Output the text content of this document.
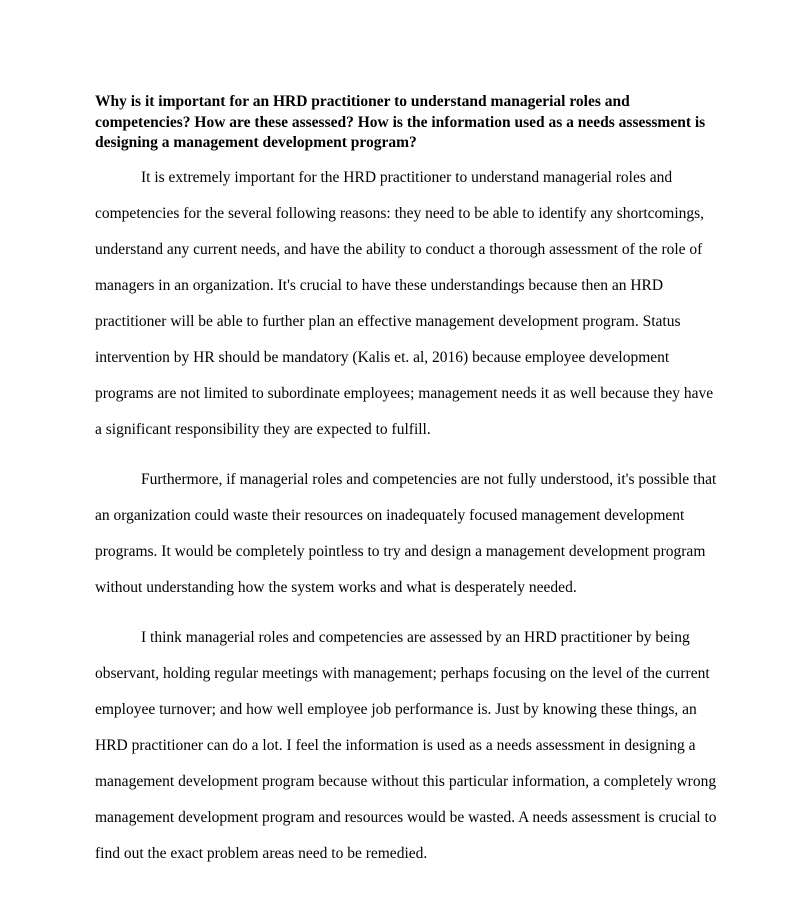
Why is it important for an HRD practitioner to understand managerial roles and competencies? How are these assessed? How is the information used as a needs assessment is designing a management development program?

It is extremely important for the HRD practitioner to understand managerial roles and competencies for the several following reasons: they need to be able to identify any shortcomings, understand any current needs, and have the ability to conduct a thorough assessment of the role of managers in an organization. It's crucial to have these understandings because then an HRD practitioner will be able to further plan an effective management development program. Status intervention by HR should be mandatory (Kalis et. al, 2016) because employee development programs are not limited to subordinate employees; management needs it as well because they have a significant responsibility they are expected to fulfill.

Furthermore, if managerial roles and competencies are not fully understood, it's possible that an organization could waste their resources on inadequately focused management development programs. It would be completely pointless to try and design a management development program without understanding how the system works and what is desperately needed.

I think managerial roles and competencies are assessed by an HRD practitioner by being observant, holding regular meetings with management; perhaps focusing on the level of the current employee turnover; and how well employee job performance is. Just by knowing these things, an HRD practitioner can do a lot. I feel the information is used as a needs assessment in designing a management development program because without this particular information, a completely wrong management development program and resources would be wasted. A needs assessment is crucial to find out the exact problem areas need to be remedied.
